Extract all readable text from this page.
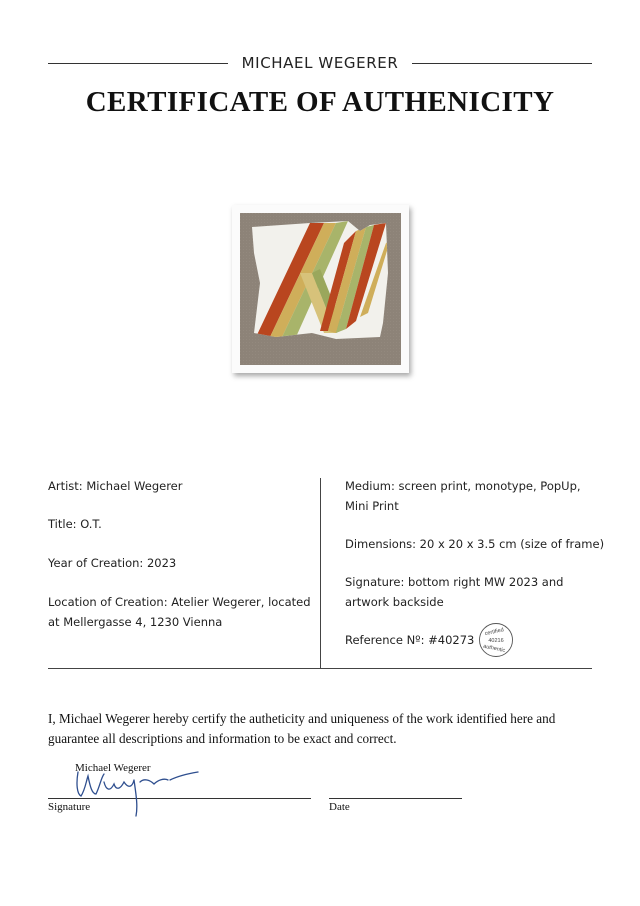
MICHAEL WEGERER
CERTIFICATE OF AUTHENICITY
Artist: Michael Wegerer
Title: O.T.
Year of Creation: 2023
Location of Creation: Atelier Wegerer, located
at Mellergasse 4, 1230 Vienna
Medium: screen print, monotype, PopUp,
Mini Print
Dimensions: 20 x 20 x 3.5 cm (size of frame)
Signature: bottom right MW 2023 and
artwork backside
Reference Nº: #40273
certified
40216
authentic

I, Michael Wegerer hereby certify the autheticity and uniqueness of the work identified here and
guarantee all descriptions and information to be exact and correct.

Michael Wegerer
Signature	Date
